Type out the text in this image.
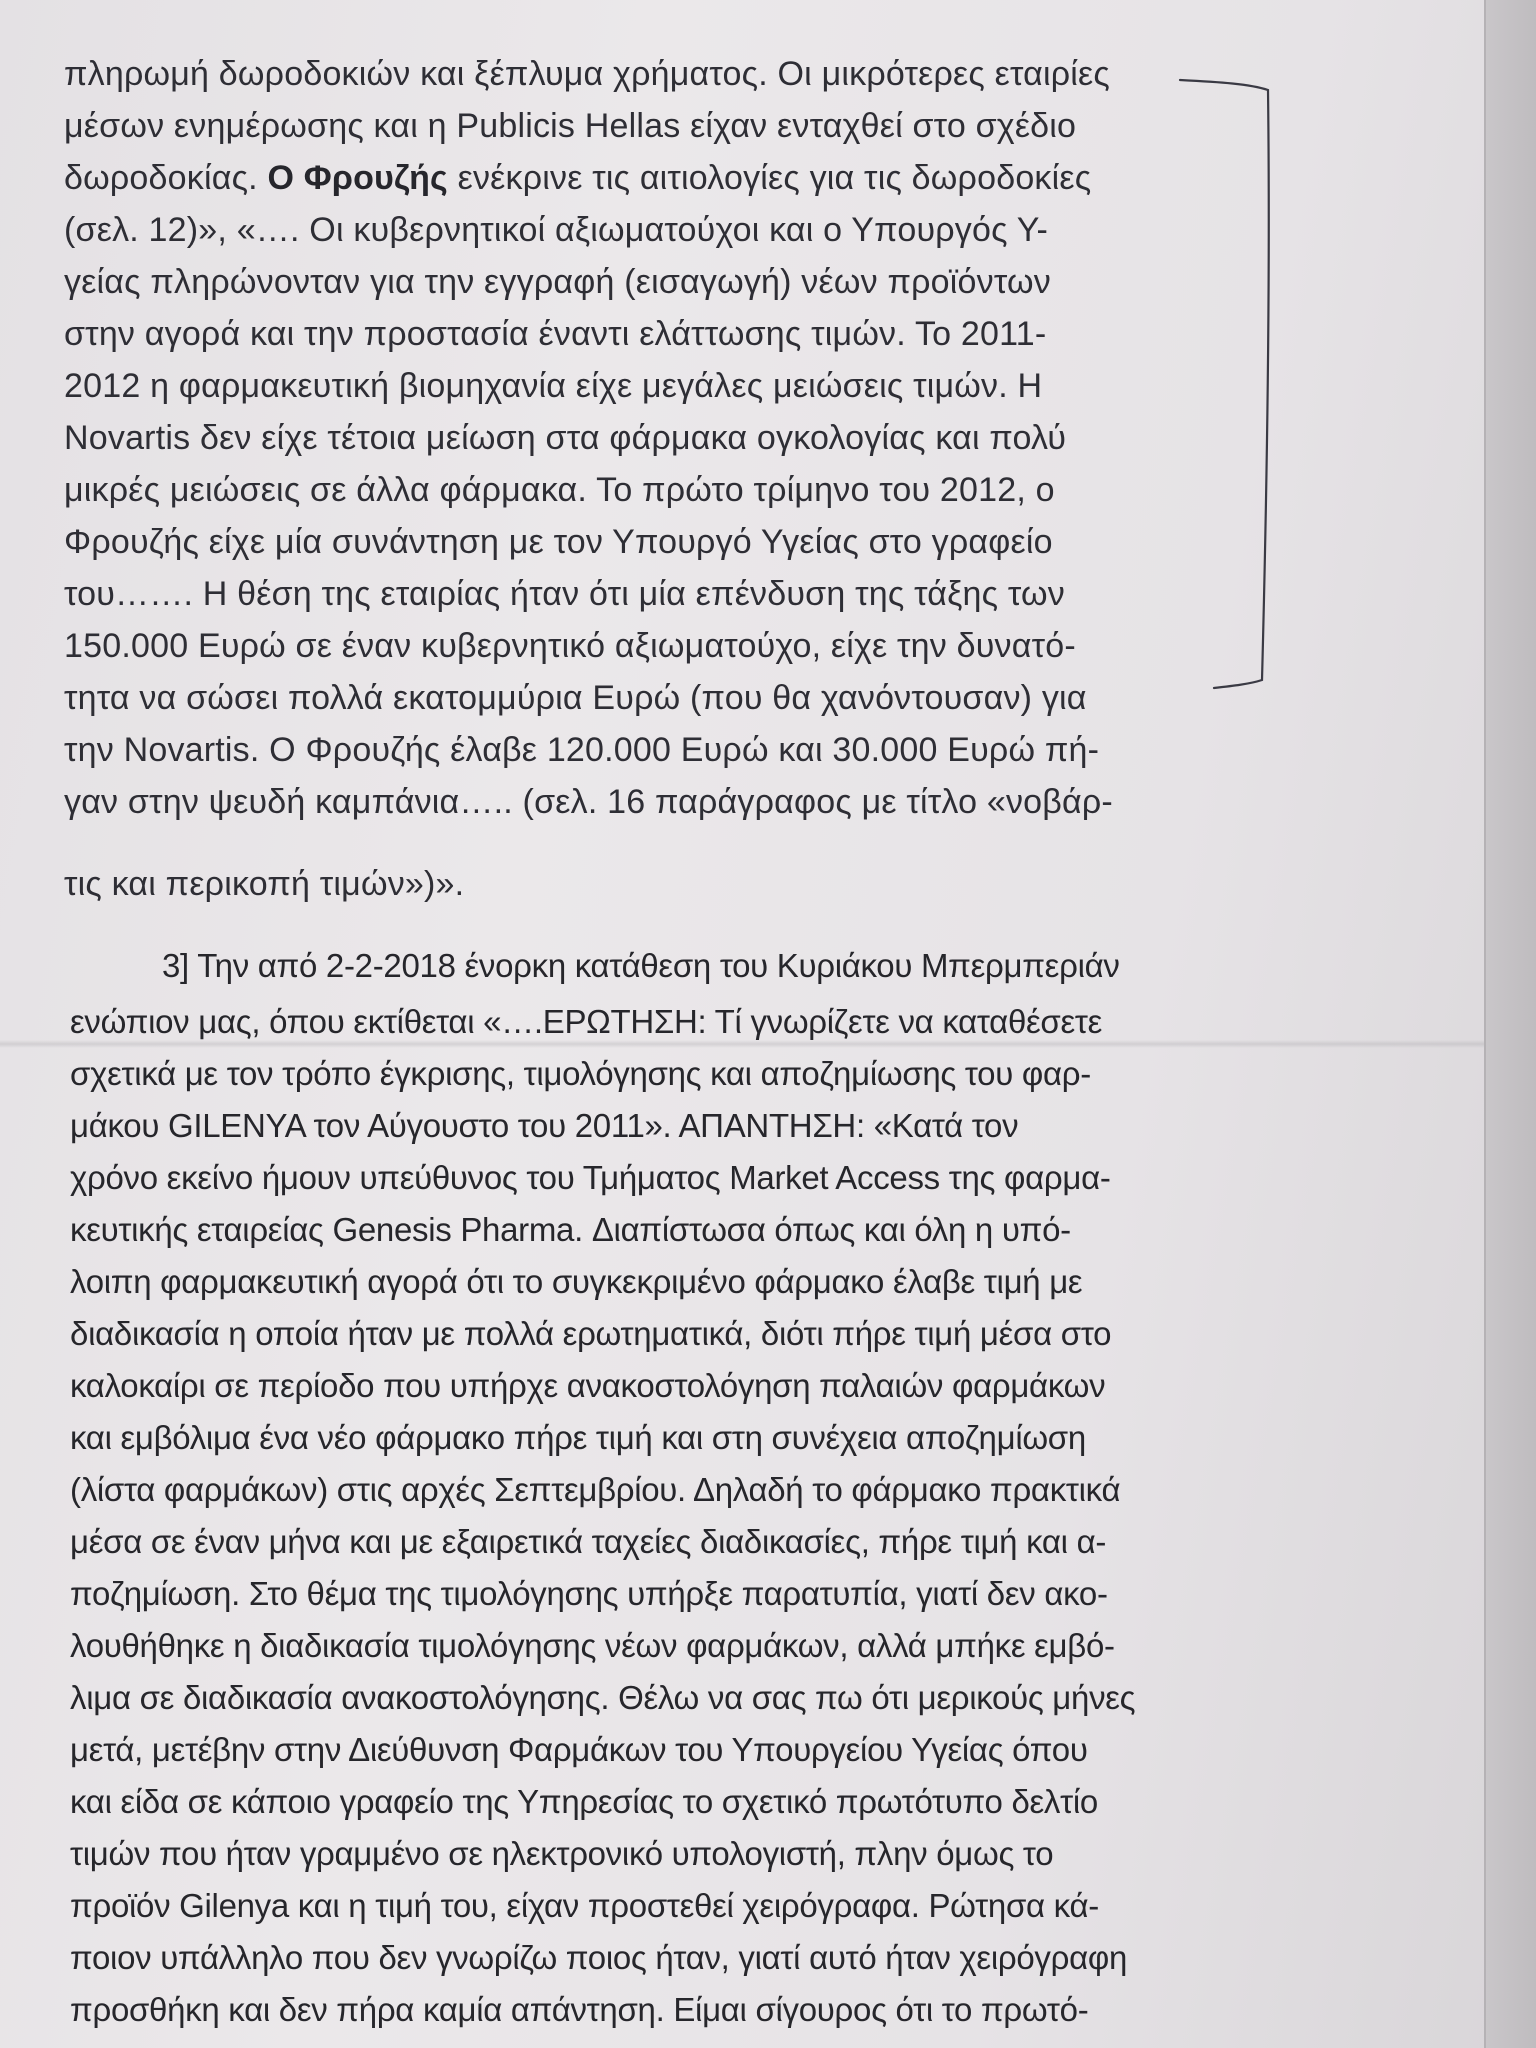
πληρωμή δωροδοκιών και ξέπλυμα χρήματος. Οι μικρότερες εταιρίες

μέσων ενημέρωσης και η Publicis Hellas είχαν ενταχθεί στο σχέδιο

δωροδοκίας. Ο Φρουζής ενέκρινε τις αιτιολογίες για τις δωροδοκίες

(σελ. 12)», «…. Οι κυβερνητικοί αξιωματούχοι και ο Υπουργός Υ-

γείας πληρώνονταν για την εγγραφή (εισαγωγή) νέων προϊόντων

στην αγορά και την προστασία έναντι ελάττωσης τιμών. Το 2011-

2012 η φαρμακευτική βιομηχανία είχε μεγάλες μειώσεις τιμών. Η

Novartis δεν είχε τέτοια μείωση στα φάρμακα ογκολογίας και πολύ

μικρές μειώσεις σε άλλα φάρμακα. Το πρώτο τρίμηνο του 2012, ο

Φρουζής είχε μία συνάντηση με τον Υπουργό Υγείας στο γραφείο

του……. Η θέση της εταιρίας ήταν ότι μία επένδυση της τάξης των

150.000 Ευρώ σε έναν κυβερνητικό αξιωματούχο, είχε την δυνατό-

τητα να σώσει πολλά εκατομμύρια Ευρώ (που θα χανόντουσαν) για

την Novartis. Ο Φρουζής έλαβε 120.000 Ευρώ και 30.000 Ευρώ πή-

γαν στην ψευδή καμπάνια….. (σελ. 16 παράγραφος με τίτλο «νοβάρ-

τις και περικοπή τιμών»)».

3] Την από 2-2-2018 ένορκη κατάθεση του Κυριάκου Μπερμπεριάν

ενώπιον μας, όπου εκτίθεται «….ΕΡΩΤΗΣΗ: Τί γνωρίζετε να καταθέσετε

σχετικά με τον τρόπο έγκρισης, τιμολόγησης και αποζημίωσης του φαρ-

μάκου GILENYA τον Αύγουστο του 2011». ΑΠΑΝΤΗΣΗ: «Κατά τον

χρόνο εκείνο ήμουν υπεύθυνος του Τμήματος Market Access της φαρμα-

κευτικής εταιρείας Genesis Pharma. Διαπίστωσα όπως και όλη η υπό-

λοιπη φαρμακευτική αγορά ότι το συγκεκριμένο φάρμακο έλαβε τιμή με

διαδικασία η οποία ήταν με πολλά ερωτηματικά, διότι πήρε τιμή μέσα στο

καλοκαίρι σε περίοδο που υπήρχε ανακοστολόγηση παλαιών φαρμάκων

και εμβόλιμα ένα νέο φάρμακο πήρε τιμή και στη συνέχεια αποζημίωση

(λίστα φαρμάκων) στις αρχές Σεπτεμβρίου. Δηλαδή το φάρμακο πρακτικά

μέσα σε έναν μήνα και με εξαιρετικά ταχείες διαδικασίες, πήρε τιμή και α-

ποζημίωση. Στο θέμα της τιμολόγησης υπήρξε παρατυπία, γιατί δεν ακο-

λουθήθηκε η διαδικασία τιμολόγησης νέων φαρμάκων, αλλά μπήκε εμβό-

λιμα σε διαδικασία ανακοστολόγησης. Θέλω να σας πω ότι μερικούς μήνες

μετά, μετέβην στην Διεύθυνση Φαρμάκων του Υπουργείου Υγείας όπου

και είδα σε κάποιο γραφείο της Υπηρεσίας το σχετικό πρωτότυπο δελτίο

τιμών που ήταν γραμμένο σε ηλεκτρονικό υπολογιστή, πλην όμως το

προϊόν Gilenya και η τιμή του, είχαν προστεθεί χειρόγραφα. Ρώτησα κά-

ποιον υπάλληλο που δεν γνωρίζω ποιος ήταν, γιατί αυτό ήταν χειρόγραφη

προσθήκη και δεν πήρα καμία απάντηση. Είμαι σίγουρος ότι το πρωτό-
